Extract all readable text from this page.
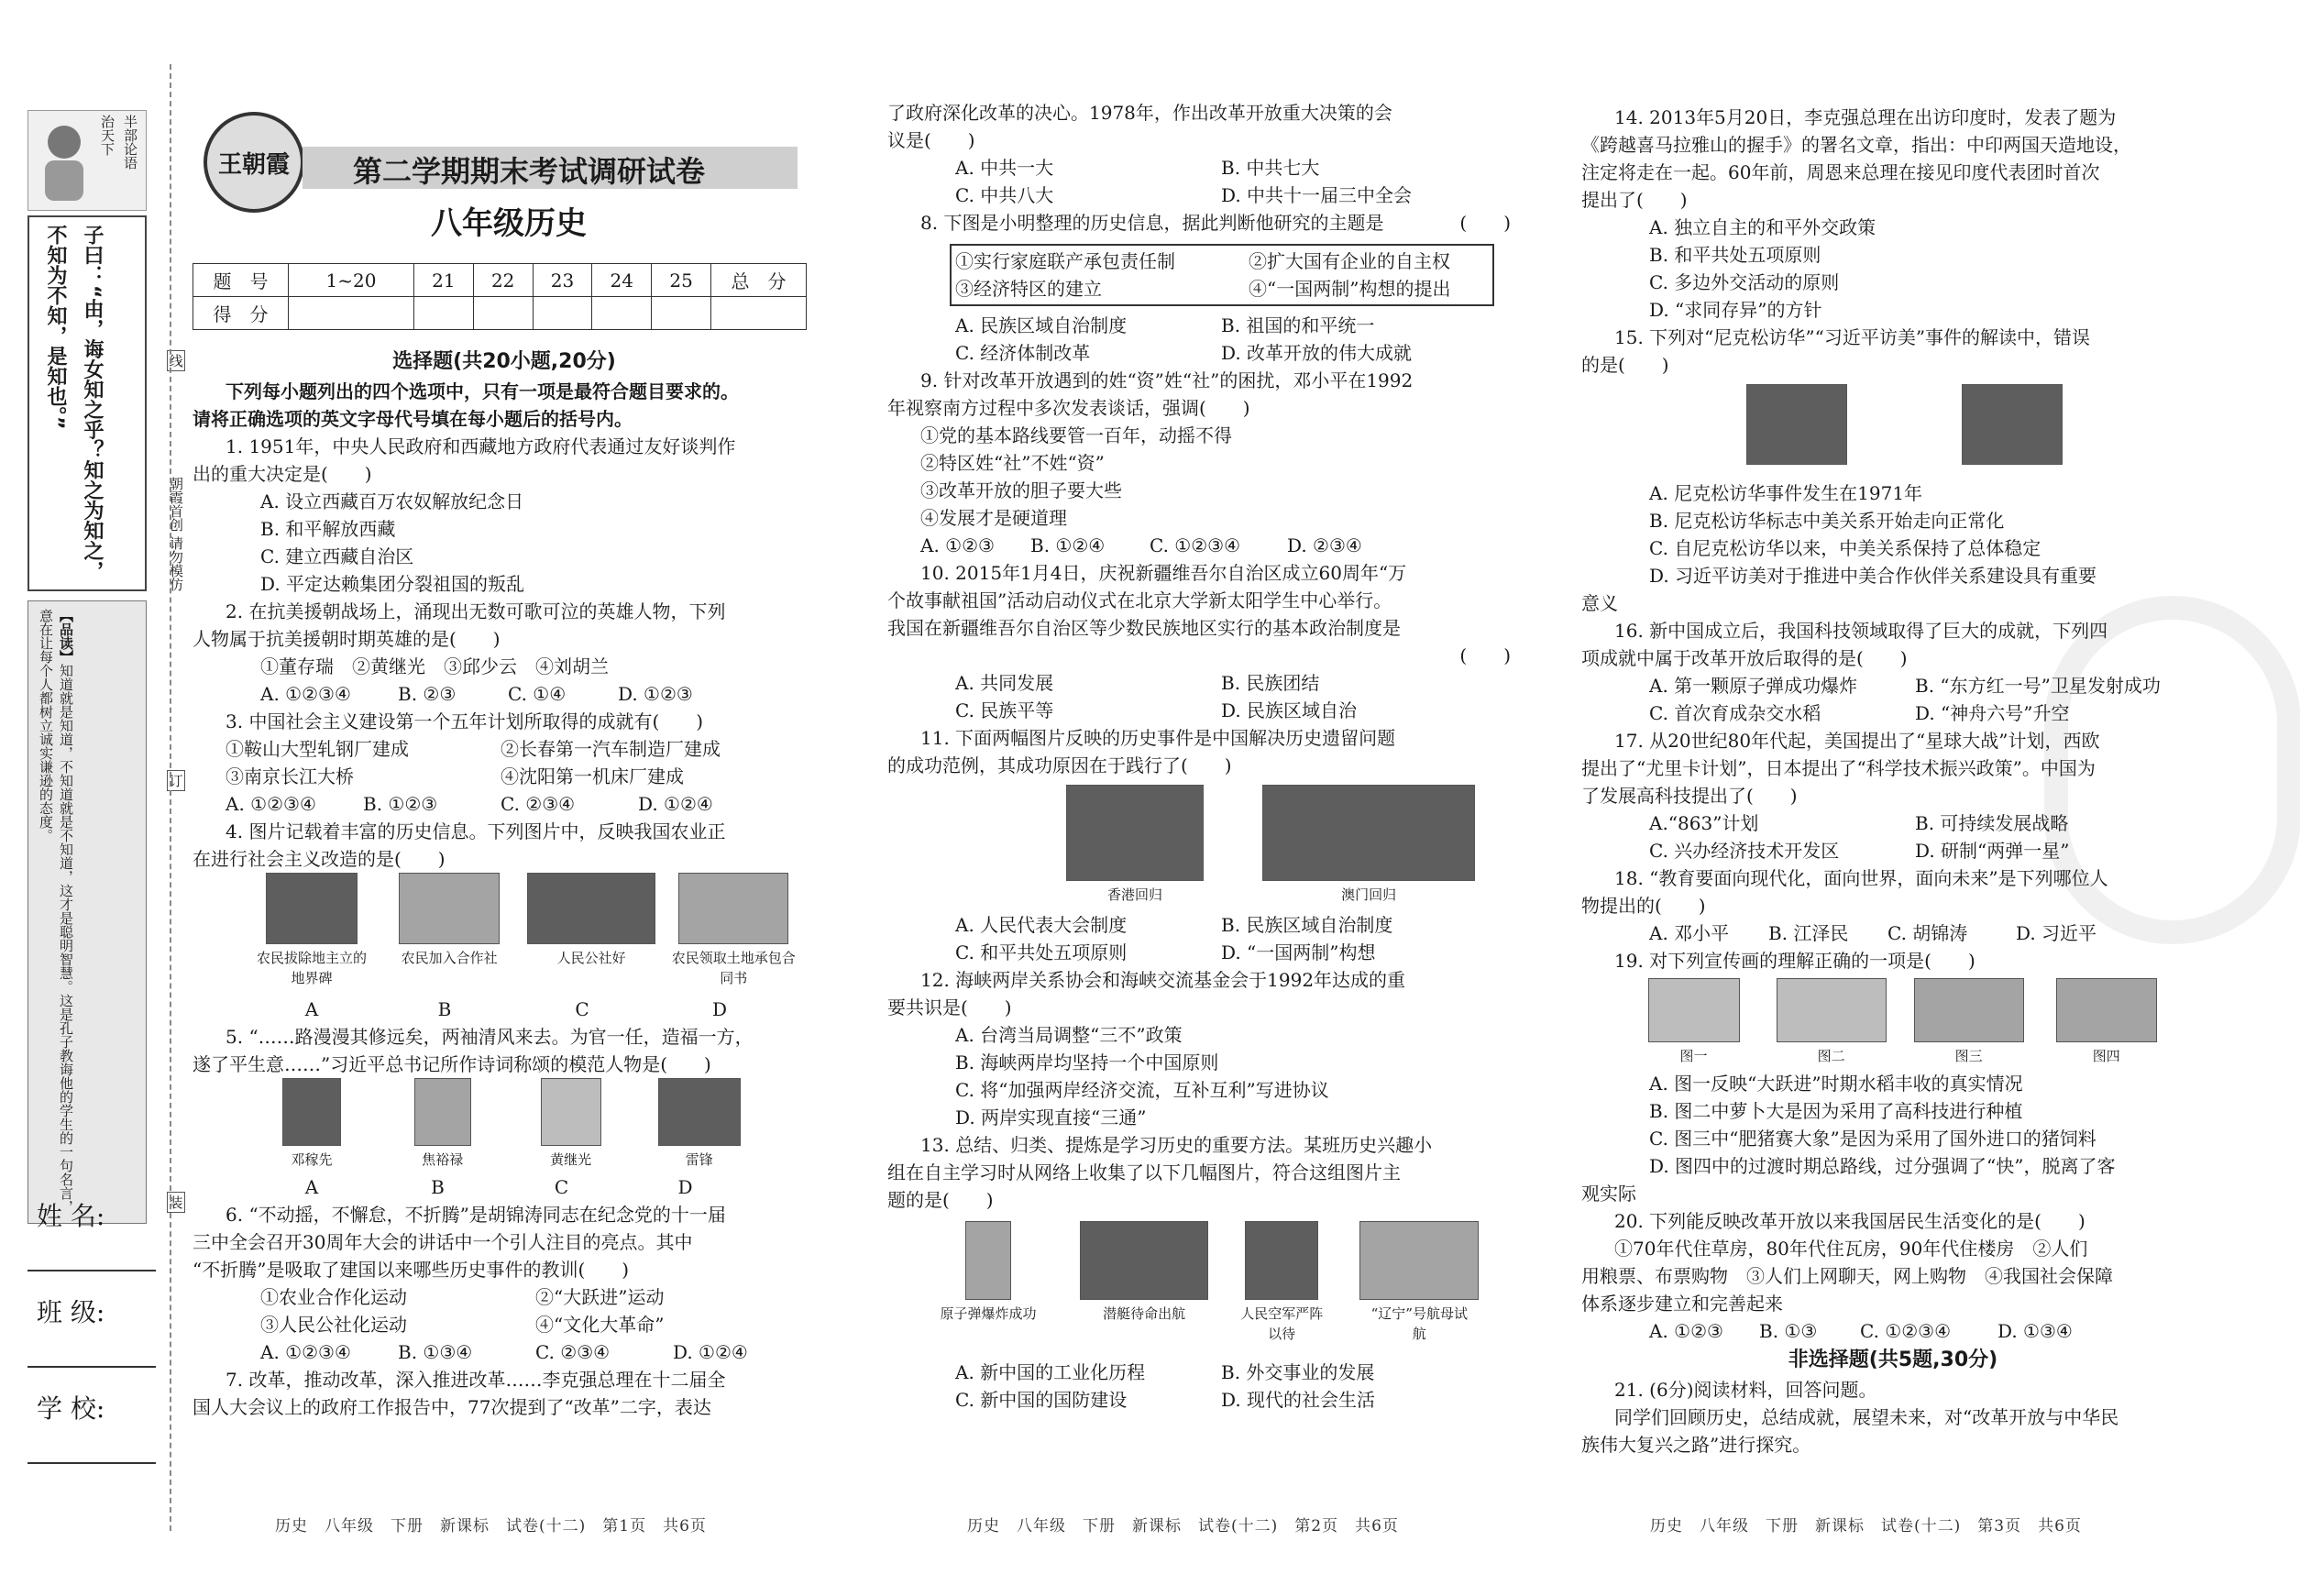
半部论语
治天下
子曰：“由，诲女知之乎？知之为知之，不知为不知，是知也。”
【品读】知道就是知道，不知道就是不知道，这才是聪明智慧。这是孔子教诲他的学生的一句名言，意在让每个人都树立诚实谦逊的态度。
线
朝霞首创 请勿模仿
订
装
姓 名:
班 级:
学 校:
王朝霞 第二学期期末考试调研试卷
八年级历史
题　号	1~20	21	22	23	24	25	总　分
得　分							
选择题(共20小题,20分)
下列每小题列出的四个选项中，只有一项是最符合题目要求的。
请将正确选项的英文字母代号填在每小题后的括号内。
1. 1951年，中央人民政府和西藏地方政府代表通过友好谈判作
出的重大决定是(　　)
A. 设立西藏百万农奴解放纪念日
B. 和平解放西藏
C. 建立西藏自治区
D. 平定达赖集团分裂祖国的叛乱
2. 在抗美援朝战场上，涌现出无数可歌可泣的英雄人物，下列
人物属于抗美援朝时期英雄的是(　　)
①董存瑞　②黄继光　③邱少云　④刘胡兰
A. ①②③④	B. ②③	C. ①④	D. ①②③
3. 中国社会主义建设第一个五年计划所取得的成就有(　　)
①鞍山大型轧钢厂建成	②长春第一汽车制造厂建成
③南京长江大桥	④沈阳第一机床厂建成
A. ①②③④	B. ①②③	C. ②③④	D. ①②④
4. 图片记载着丰富的历史信息。下列图片中，反映我国农业正
在进行社会主义改造的是(　　)
农民拔除地主立的地界碑
农民加入合作社	人民公社好	农民领取土地承包合同书
A	B	C	D
5. “……路漫漫其修远矣，两袖清风来去。为官一任，造福一方，
遂了平生意……”习近平总书记所作诗词称颂的模范人物是(　　)
邓稼先	焦裕禄	黄继光	雷锋
A	B	C	D
6. “不动摇，不懈怠，不折腾”是胡锦涛同志在纪念党的十一届
三中全会召开30周年大会的讲话中一个引人注目的亮点。其中
“不折腾”是吸取了建国以来哪些历史事件的教训(　　)
①农业合作化运动	②“大跃进”运动
③人民公社化运动	④“文化大革命”
A. ①②③④	B. ①③④	C. ②③④	D. ①②④
7. 改革，推动改革，深入推进改革……李克强总理在十二届全
国人大会议上的政府工作报告中，77次提到了“改革”二字，表达
历史　八年级　下册　新课标　试卷(十二)　第1页　共6页
了政府深化改革的决心。1978年，作出改革开放重大决策的会
议是(　　)
A. 中共一大	B. 中共七大
C. 中共八大	D. 中共十一届三中全会
8. 下图是小明整理的历史信息，据此判断他研究的主题是	(　　)
①实行家庭联产承包责任制	②扩大国有企业的自主权
③经济特区的建立	④“一国两制”构想的提出
A. 民族区域自治制度	B. 祖国的和平统一
C. 经济体制改革	D. 改革开放的伟大成就
9. 针对改革开放遇到的姓“资”姓“社”的困扰，邓小平在1992
年视察南方过程中多次发表谈话，强调(　　)
①党的基本路线要管一百年，动摇不得
②特区姓“社”不姓“资”
③改革开放的胆子要大些
④发展才是硬道理
A. ①②③ B. ①②④ C. ①②③④	D. ②③④
10. 2015年1月4日，庆祝新疆维吾尔自治区成立60周年“万
个故事献祖国”活动启动仪式在北京大学新太阳学生中心举行。
我国在新疆维吾尔自治区等少数民族地区实行的基本政治制度是
(　　)
A. 共同发展	B. 民族团结
C. 民族平等	D. 民族区域自治
11. 下面两幅图片反映的历史事件是中国解决历史遗留问题
的成功范例，其成功原因在于践行了(　　)
香港回归	澳门回归
A. 人民代表大会制度	B. 民族区域自治制度
C. 和平共处五项原则	D. “一国两制”构想
12. 海峡两岸关系协会和海峡交流基金会于1992年达成的重
要共识是(　　)
A. 台湾当局调整“三不”政策
B. 海峡两岸均坚持一个中国原则
C. 将“加强两岸经济交流，互补互利”写进协议
D. 两岸实现直接“三通”
13. 总结、归类、提炼是学习历史的重要方法。某班历史兴趣小
组在自主学习时从网络上收集了以下几幅图片，符合这组图片主
题的是(　　)
原子弹爆炸成功	潜艇待命出航	人民空军严阵以待
“辽宁”号航母试航
A. 新中国的工业化历程	B. 外交事业的发展
C. 新中国的国防建设	D. 现代的社会生活
历史　八年级　下册　新课标　试卷(十二)　第2页　共6页
14. 2013年5月20日，李克强总理在出访印度时，发表了题为
《跨越喜马拉雅山的握手》的署名文章，指出：中印两国天造地设，
注定将走在一起。60年前，周恩来总理在接见印度代表团时首次
提出了(　　)
A. 独立自主的和平外交政策
B. 和平共处五项原则
C. 多边外交活动的原则
D. “求同存异”的方针
15. 下列对“尼克松访华”“习近平访美”事件的解读中，错误
的是(　　)

A. 尼克松访华事件发生在1971年
B. 尼克松访华标志中美关系开始走向正常化
C. 自尼克松访华以来，中美关系保持了总体稳定
D. 习近平访美对于推进中美合作伙伴关系建设具有重要
意义
16. 新中国成立后，我国科技领域取得了巨大的成就，下列四
项成就中属于改革开放后取得的是(　　)
A. 第一颗原子弹成功爆炸	B. “东方红一号”卫星发射成功
C. 首次育成杂交水稻	D. “神舟六号”升空
17. 从20世纪80年代起，美国提出了“星球大战”计划，西欧
提出了“尤里卡计划”，日本提出了“科学技术振兴政策”。中国为
了发展高科技提出了(　　)
A.“863”计划	B. 可持续发展战略
C. 兴办经济技术开发区	D. 研制“两弹一星”
18. “教育要面向现代化，面向世界，面向未来”是下列哪位人
物提出的(　　)
A. 邓小平 B. 江泽民 C. 胡锦涛	D. 习近平
19. 对下列宣传画的理解正确的一项是(　　)
图一	图二	图三	图四
A. 图一反映“大跃进”时期水稻丰收的真实情况
B. 图二中萝卜大是因为采用了高科技进行种植
C. 图三中“肥猪赛大象”是因为采用了国外进口的猪饲料
D. 图四中的过渡时期总路线，过分强调了“快”，脱离了客
观实际
20. 下列能反映改革开放以来我国居民生活变化的是(　　)
①70年代住草房，80年代住瓦房，90年代住楼房　②人们
用粮票、布票购物　③人们上网聊天，网上购物　④我国社会保障
体系逐步建立和完善起来
A. ①②③ B. ①③ C. ①②③④	D. ①③④
非选择题(共5题,30分)
21. (6分)阅读材料，回答问题。
同学们回顾历史，总结成就，展望未来，对“改革开放与中华民
族伟大复兴之路”进行探究。
历史　八年级　下册　新课标　试卷(十二)　第3页　共6页
